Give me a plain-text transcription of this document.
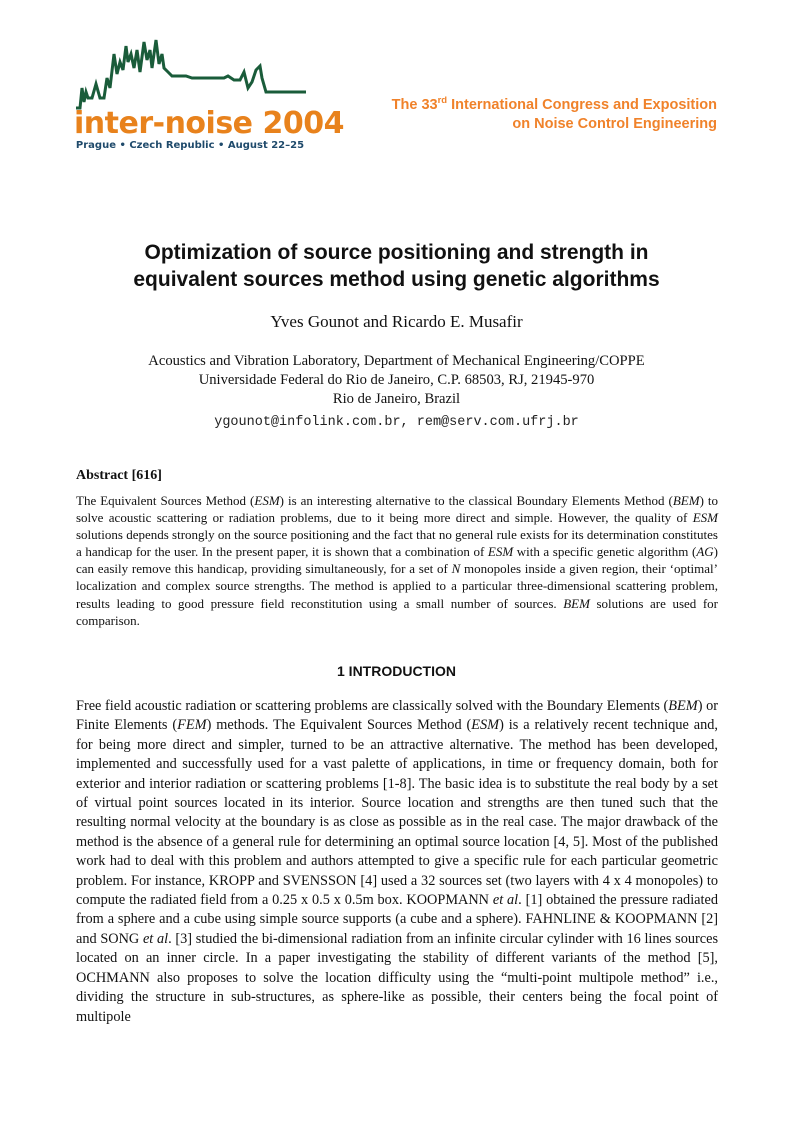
inter-noise 2004
Prague • Czech Republic • August 22–25
The 33rd International Congress and Exposition
on Noise Control Engineering
Optimization of source positioning and strength in
equivalent sources method using genetic algorithms
Yves Gounot and Ricardo E. Musafir
Acoustics and Vibration Laboratory, Department of Mechanical Engineering/COPPE
Universidade Federal do Rio de Janeiro, C.P. 68503, RJ, 21945-970
Rio de Janeiro, Brazil
ygounot@infolink.com.br, rem@serv.com.ufrj.br
Abstract [616]
The Equivalent Sources Method (ESM) is an interesting alternative to the classical Boundary Elements Method (BEM) to solve acoustic scattering or radiation problems, due to it being more direct and simple. However, the quality of ESM solutions depends strongly on the source positioning and the fact that no general rule exists for its determination constitutes a handicap for the user. In the present paper, it is shown that a combination of ESM with a specific genetic algorithm (AG) can easily remove this handicap, providing simultaneously, for a set of N monopoles inside a given region, their ‘optimal’ localization and complex source strengths. The method is applied to a particular three-dimensional scattering problem, results leading to good pressure field reconstitution using a small number of sources. BEM solutions are used for comparison.
1 INTRODUCTION
Free field acoustic radiation or scattering problems are classically solved with the Boundary Elements (BEM) or Finite Elements (FEM) methods. The Equivalent Sources Method (ESM) is a relatively recent technique and, for being more direct and simpler, turned to be an attractive alternative. The method has been developed, implemented and successfully used for a vast palette of applications, in time or frequency domain, both for exterior and interior radiation or scattering problems [1-8]. The basic idea is to substitute the real body by a set of virtual point sources located in its interior. Source location and strengths are then tuned such that the resulting normal velocity at the boundary is as close as possible as in the real case. The major drawback of the method is the absence of a general rule for determining an optimal source location [4, 5]. Most of the published work had to deal with this problem and authors attempted to give a specific rule for each particular geometric problem. For instance, KROPP and SVENSSON [4] used a 32 sources set (two layers with 4 x 4 monopoles) to compute the radiated field from a 0.25 x 0.5 x 0.5m box. KOOPMANN et al. [1] obtained the pressure radiated from a sphere and a cube using simple source supports (a cube and a sphere). FAHNLINE & KOOPMANN [2] and SONG et al. [3] studied the bi-dimensional radiation from an infinite circular cylinder with 16 lines sources located on an inner circle. In a paper investigating the stability of different variants of the method [5], OCHMANN also proposes to solve the location difficulty using the “multi-point multipole method” i.e., dividing the structure in sub-structures, as sphere-like as possible, their centers being the focal point of multipole
